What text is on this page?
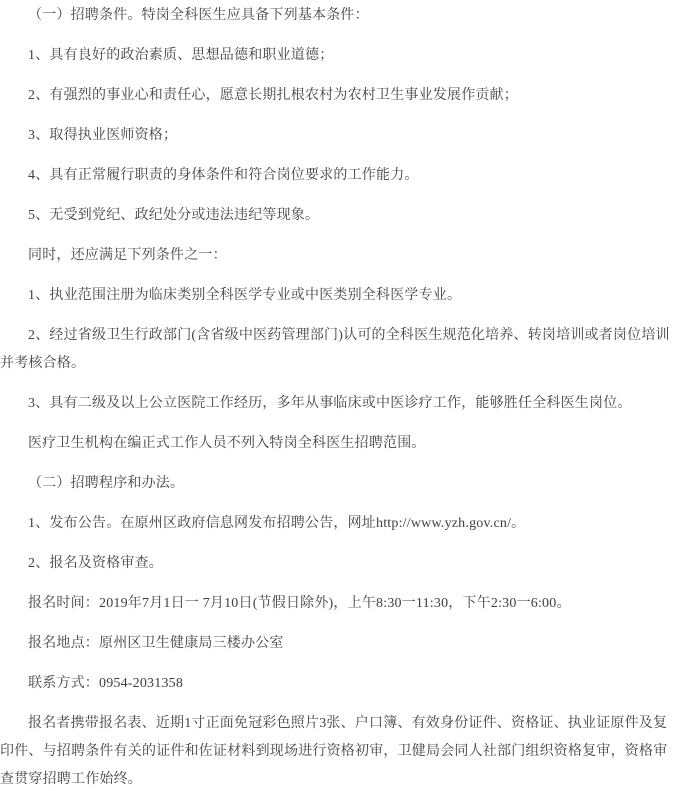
（一）招聘条件。特岗全科医生应具备下列基本条件：

1、具有良好的政治素质、思想品德和职业道德；

2、有强烈的事业心和责任心，愿意长期扎根农村为农村卫生事业发展作贡献；

3、取得执业医师资格；

4、具有正常履行职责的身体条件和符合岗位要求的工作能力。

5、无受到党纪、政纪处分或违法违纪等现象。

同时，还应满足下列条件之一：

1、执业范围注册为临床类别全科医学专业或中医类别全科医学专业。

2、经过省级卫生行政部门(含省级中医药管理部门)认可的全科医生规范化培养、转岗培训或者岗位培训并考核合格。

3、具有二级及以上公立医院工作经历，多年从事临床或中医诊疗工作，能够胜任全科医生岗位。

医疗卫生机构在编正式工作人员不列入特岗全科医生招聘范围。

（二）招聘程序和办法。

1、发布公告。在原州区政府信息网发布招聘公告，网址http://www.yzh.gov.cn/。

2、报名及资格审查。

报名时间：2019年7月1日一 7月10日(节假日除外)，上午8:30一11:30，下午2:30一6:00。

报名地点：原州区卫生健康局三楼办公室

联系方式：0954-2031358

报名者携带报名表、近期1寸正面免冠彩色照片3张、户口簿、有效身份证件、资格证、执业证原件及复印件、与招聘条件有关的证件和佐证材料到现场进行资格初审，卫健局会同人社部门组织资格复审，资格审查贯穿招聘工作始终。
